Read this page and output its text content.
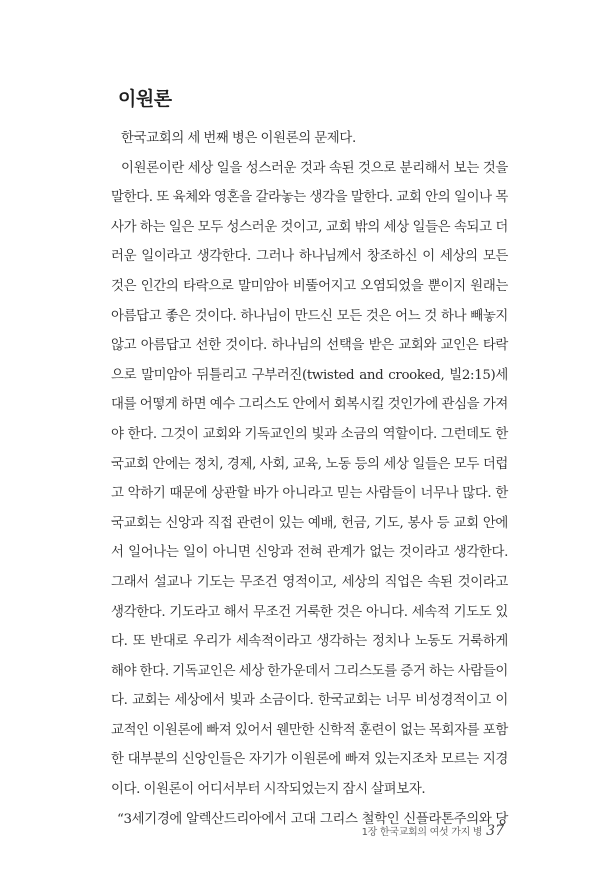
이원론

한국교회의 세 번째 병은 이원론의 문제다.

이원론이란 세상 일을 성스러운 것과 속된 것으로 분리해서 보는 것을 말한다. 또 육체와 영혼을 갈라놓는 생각을 말한다. 교회 안의 일이나 목사가 하는 일은 모두 성스러운 것이고, 교회 밖의 세상 일들은 속되고 더러운 일이라고 생각한다. 그러나 하나님께서 창조하신 이 세상의 모든 것은 인간의 타락으로 말미암아 비뚤어지고 오염되었을 뿐이지 원래는 아름답고 좋은 것이다. 하나님이 만드신 모든 것은 어느 것 하나 빼놓지 않고 아름답고 선한 것이다. 하나님의 선택을 받은 교회와 교인은 타락으로 말미암아 뒤틀리고 구부러진(twisted and crooked, 빌2:15)세대를 어떻게 하면 예수 그리스도 안에서 회복시킬 것인가에 관심을 가져야 한다. 그것이 교회와 기독교인의 빛과 소금의 역할이다. 그런데도 한국교회 안에는 정치, 경제, 사회, 교육, 노동 등의 세상 일들은 모두 더럽고 악하기 때문에 상관할 바가 아니라고 믿는 사람들이 너무나 많다. 한국교회는 신앙과 직접 관련이 있는 예배, 헌금, 기도, 봉사 등 교회 안에서 일어나는 일이 아니면 신앙과 전혀 관계가 없는 것이라고 생각한다. 그래서 설교나 기도는 무조건 영적이고, 세상의 직업은 속된 것이라고 생각한다. 기도라고 해서 무조건 거룩한 것은 아니다. 세속적 기도도 있다. 또 반대로 우리가 세속적이라고 생각하는 정치나 노동도 거룩하게 해야 한다. 기독교인은 세상 한가운데서 그리스도를 증거 하는 사람들이다. 교회는 세상에서 빛과 소금이다. 한국교회는 너무 비성경적이고 이교적인 이원론에 빠져 있어서 웬만한 신학적 훈련이 없는 목회자를 포함한 대부분의 신앙인들은 자기가 이원론에 빠져 있는지조차 모르는 지경이다. 이원론이 어디서부터 시작되었는지 잠시 살펴보자.

“3세기경에 알렉산드리아에서 고대 그리스 철학인 신플라톤주의와 당

1장 한국교회의 여섯 가지 병 37
